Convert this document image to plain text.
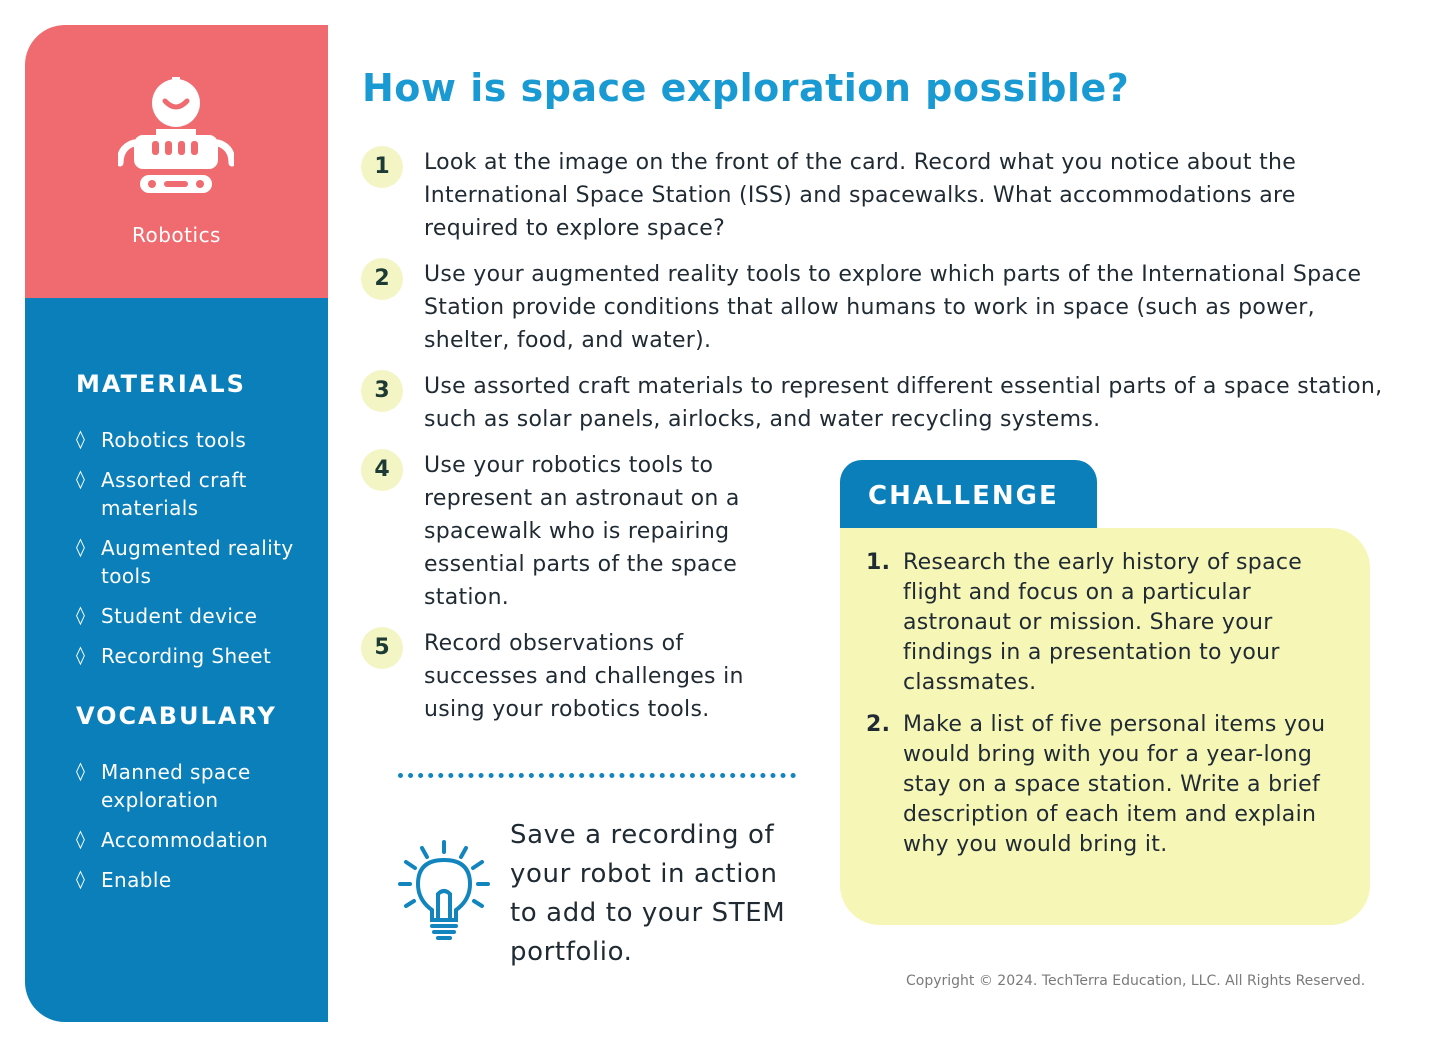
Robotics
MATERIALS
◊ Robotics tools
◊ Assorted craft materials
◊ Augmented reality tools
◊ Student device
◊ Recording Sheet
VOCABULARY
◊ Manned space exploration
◊ Accommodation
◊ Enable
How is space exploration possible?
1	Look at the image on the front of the card. Record what you notice about the International Space Station (ISS) and spacewalks. What accommodations are required to explore space?
2	Use your augmented reality tools to explore which parts of the International Space Station provide conditions that allow humans to work in space (such as power, shelter, food, and water).
3	Use assorted craft materials to represent different essential parts of a space station, such as solar panels, airlocks, and water recycling systems.
4	Use your robotics tools to represent an astronaut on a spacewalk who is repairing essential parts of the space station.
5	Record observations of successes and challenges in using your robotics tools.
Save a recording of your robot in action to add to your STEM portfolio.
CHALLENGE
1. Research the early history of space flight and focus on a particular astronaut or mission. Share your findings in a presentation to your classmates.
2. Make a list of five personal items you would bring with you for a year-long stay on a space station. Write a brief description of each item and explain why you would bring it.
Copyright © 2024. TechTerra Education, LLC. All Rights Reserved.
